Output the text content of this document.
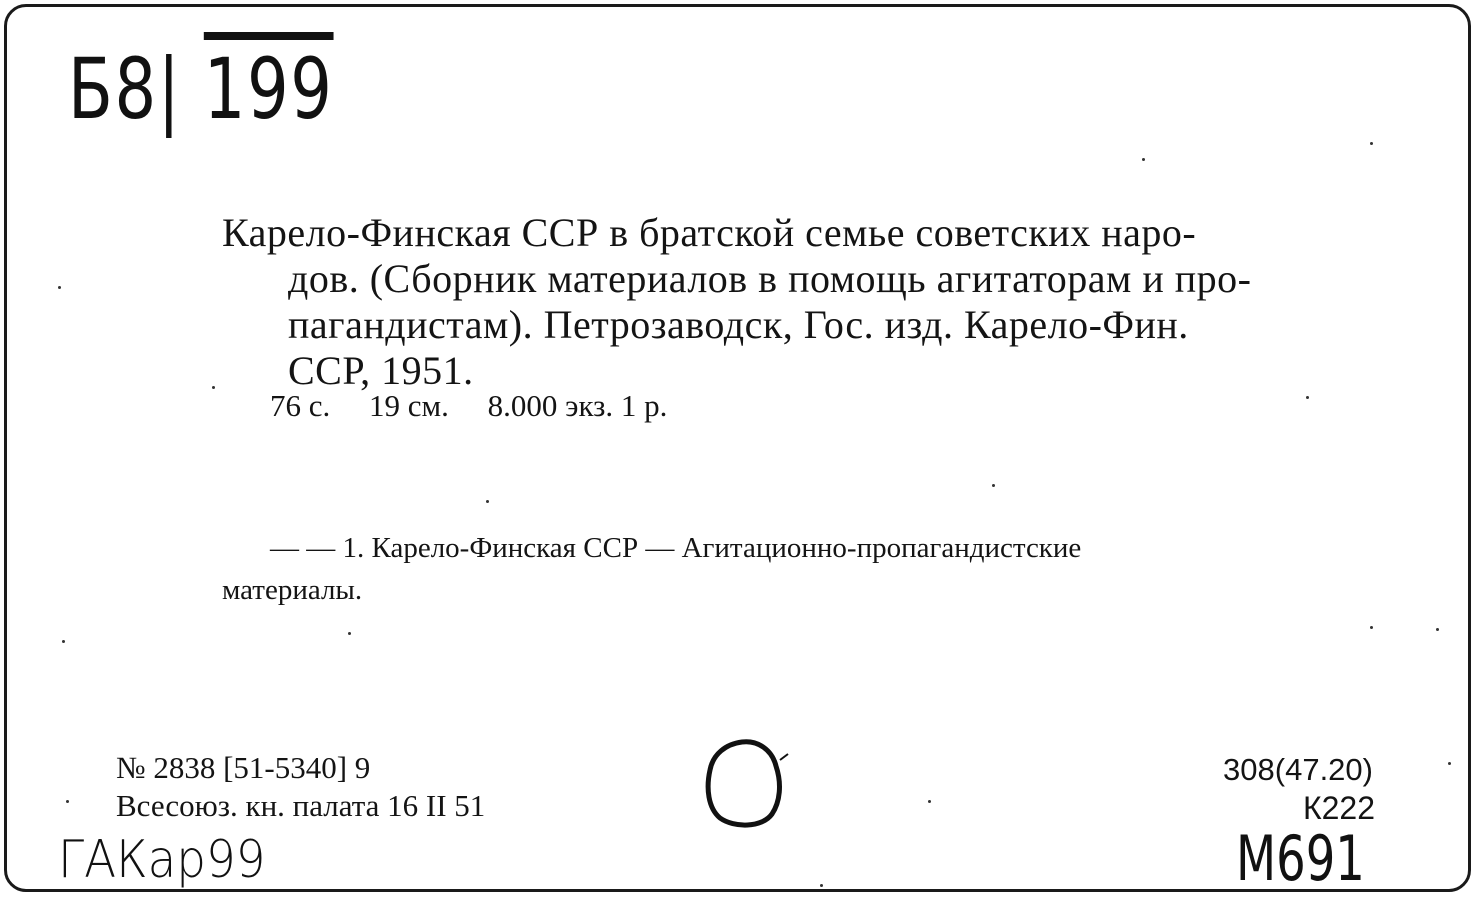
Б8| 199
Карело-Финская ССР в братской семье советских наро-
дов. (Сборник материалов в помощь агитаторам и про-
пагандистам). Петрозаводск, Гос. изд. Карело-Фин.
ССР, 1951.
76 с.     19 см.     8.000 экз. 1 р.
— — 1. Карело-Финская ССР — Агитационно-пропагандистские
материалы.
№ 2838 [51-5340] 9
Всесоюз. кн. палата 16 II 51
308(47.20)
К222
ГАКар99	М691
